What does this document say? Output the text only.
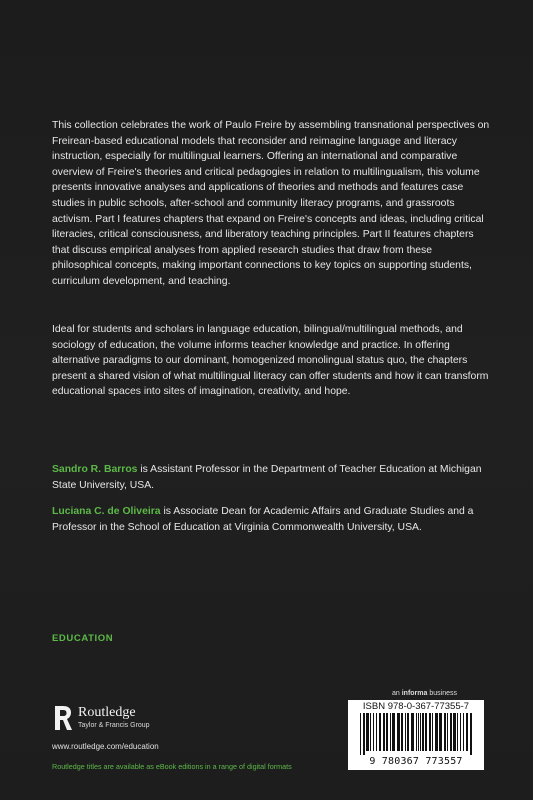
This collection celebrates the work of Paulo Freire by assembling transnational perspectives on Freirean-based educational models that reconsider and reimagine language and literacy instruction, especially for multilingual learners. Offering an international and comparative overview of Freire's theories and critical pedagogies in relation to multilingualism, this volume presents innovative analyses and applications of theories and methods and features case studies in public schools, after-school and community literacy programs, and grassroots activism. Part I features chapters that expand on Freire's concepts and ideas, including critical literacies, critical consciousness, and liberatory teaching principles. Part II features chapters that discuss empirical analyses from applied research studies that draw from these philosophical concepts, making important connections to key topics on supporting students, curriculum development, and teaching.

Ideal for students and scholars in language education, bilingual/multilingual methods, and sociology of education, the volume informs teacher knowledge and practice. In offering alternative paradigms to our dominant, homogenized monolingual status quo, the chapters present a shared vision of what multilingual literacy can offer students and how it can transform educational spaces into sites of imagination, creativity, and hope.

Sandro R. Barros is Assistant Professor in the Department of Teacher Education at Michigan State University, USA.

Luciana C. de Oliveira is Associate Dean for Academic Affairs and Graduate Studies and a Professor in the School of Education at Virginia Commonwealth University, USA.

EDUCATION
an informa business
ISBN 978-0-367-77355-7
9 780367 773557
Routledge
Taylor & Francis Group
www.routledge.com/education
Routledge titles are available as eBook editions in a range of digital formats
